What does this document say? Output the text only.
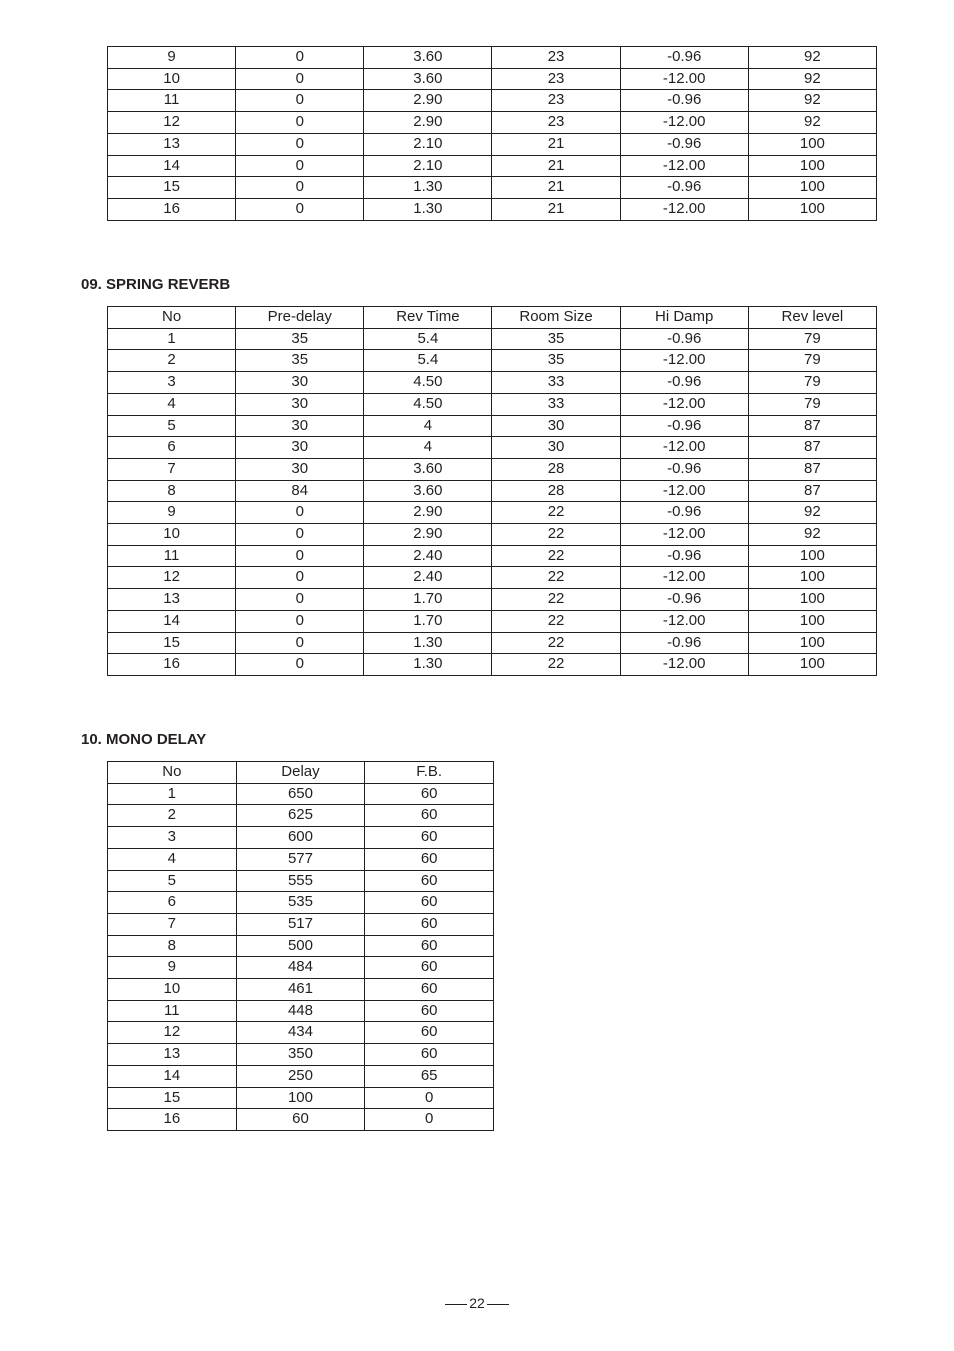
9	0	3.60	23	-0.96	92
10	0	3.60	23	-12.00	92
11	0	2.90	23	-0.96	92
12	0	2.90	23	-12.00	92
13	0	2.10	21	-0.96	100
14	0	2.10	21	-12.00	100
15	0	1.30	21	-0.96	100
16	0	1.30	21	-12.00	100
09. SPRING REVERB
No	Pre-delay	Rev Time	Room Size	Hi Damp	Rev level
1	35	5.4	35	-0.96	79
2	35	5.4	35	-12.00	79
3	30	4.50	33	-0.96	79
4	30	4.50	33	-12.00	79
5	30	4	30	-0.96	87
6	30	4	30	-12.00	87
7	30	3.60	28	-0.96	87
8	84	3.60	28	-12.00	87
9	0	2.90	22	-0.96	92
10	0	2.90	22	-12.00	92
11	0	2.40	22	-0.96	100
12	0	2.40	22	-12.00	100
13	0	1.70	22	-0.96	100
14	0	1.70	22	-12.00	100
15	0	1.30	22	-0.96	100
16	0	1.30	22	-12.00	100
10. MONO DELAY
No	Delay	F.B.
1	650	60
2	625	60
3	600	60
4	577	60
5	555	60
6	535	60
7	517	60
8	500	60
9	484	60
10	461	60
11	448	60
12	434	60
13	350	60
14	250	65
15	100	0
16	60	0
22
